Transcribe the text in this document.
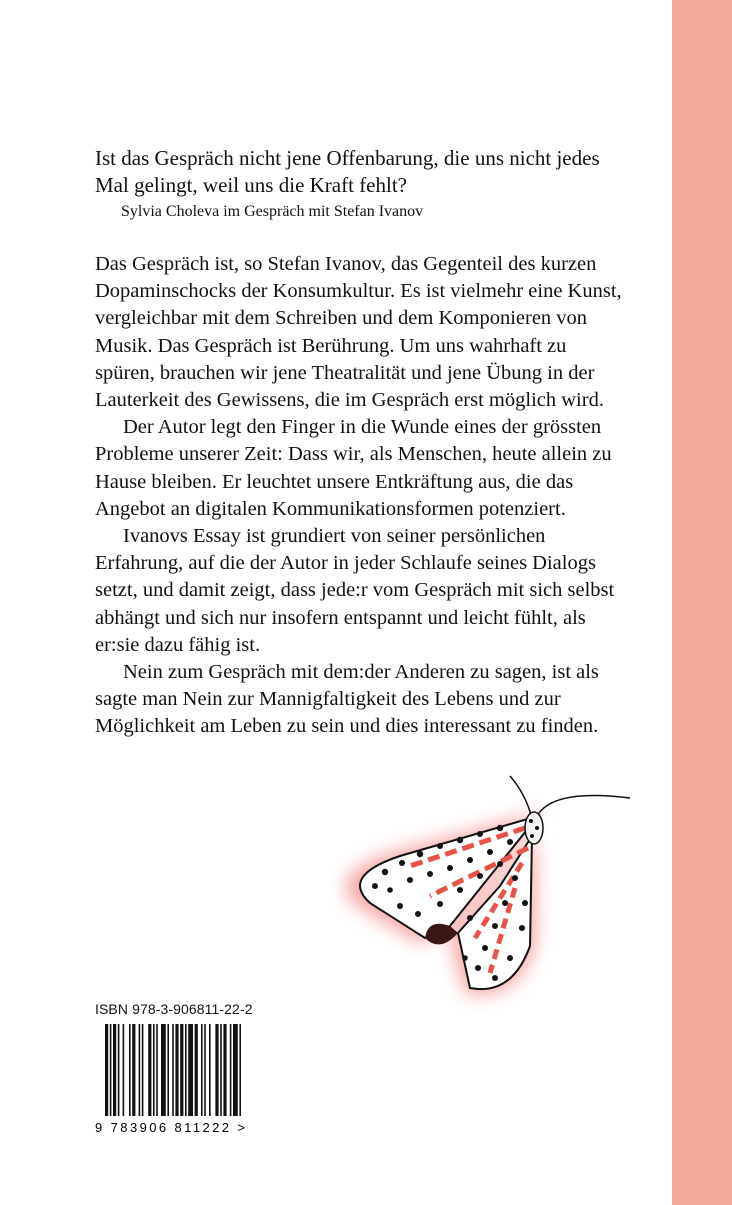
Ist das Gespräch nicht jene Offenbarung, die uns nicht jedes Mal gelingt, weil uns die Kraft fehlt?

Sylvia Choleva im Gespräch mit Stefan Ivanov

Das Gespräch ist, so Stefan Ivanov, das Gegenteil des kurzen Dopaminschocks der Konsumkultur. Es ist vielmehr eine Kunst, vergleichbar mit dem Schreiben und dem Komponieren von Musik. Das Gespräch ist Berührung. Um uns wahrhaft zu spüren, brauchen wir jene Theatralität und jene Übung in der Lauterkeit des Gewissens, die im Gespräch erst möglich wird.

Der Autor legt den Finger in die Wunde eines der grössten Probleme unserer Zeit: Dass wir, als Menschen, heute allein zu Hause bleiben. Er leuchtet unsere Entkräftung aus, die das Angebot an digitalen Kommunikationsformen potenziert.

Ivanovs Essay ist grundiert von seiner persönlichen Erfahrung, auf die der Autor in jeder Schlaufe seines Dialogs setzt, und damit zeigt, dass jede:r vom Gespräch mit sich selbst abhängt und sich nur insofern entspannt und leicht fühlt, als er:sie dazu fähig ist.

Nein zum Gespräch mit dem:der Anderen zu sagen, ist als sagte man Nein zur Mannigfaltigkeit des Lebens und zur Möglichkeit am Leben zu sein und dies interessant zu finden.

ISBN 978-3-906811-22-2
9 783906 811222 >
